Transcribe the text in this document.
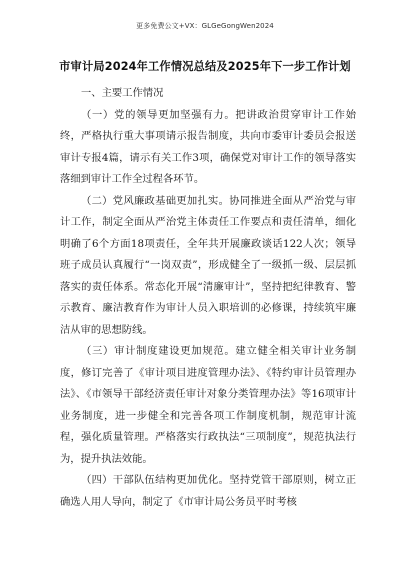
更多免费公文+VX：GLGeGongWen2024
市审计局2024年工作情况总结及2025年下一步工作计划

一、主要工作情况

（一）党的领导更加坚强有力。把讲政治贯穿审计工作始终，严格执行重大事项请示报告制度，共向市委审计委员会报送审计专报4篇，请示有关工作3项，确保党对审计工作的领导落实落细到审计工作全过程各环节。

（二）党风廉政基础更加扎实。协同推进全面从严治党与审计工作，制定全面从严治党主体责任工作要点和责任清单，细化明确了6个方面18项责任，全年共开展廉政谈话122人次；领导班子成员认真履行“一岗双责”，形成健全了一级抓一级、层层抓落实的责任体系。常态化开展“清廉审计”，坚持把纪律教育、警示教育、廉洁教育作为审计人员入职培训的必修课，持续筑牢廉洁从审的思想防线。

（三）审计制度建设更加规范。建立健全相关审计业务制度，修订完善了《审计项目进度管理办法》、《特约审计员管理办法》、《市领导干部经济责任审计对象分类管理办法》等16项审计业务制度，进一步健全和完善各项工作制度机制，规范审计流程，强化质量管理。严格落实行政执法“三项制度”，规范执法行为，提升执法效能。

（四）干部队伍结构更加优化。坚持党管干部原则，树立正确选人用人导向，制定了《市审计局公务员平时考核
